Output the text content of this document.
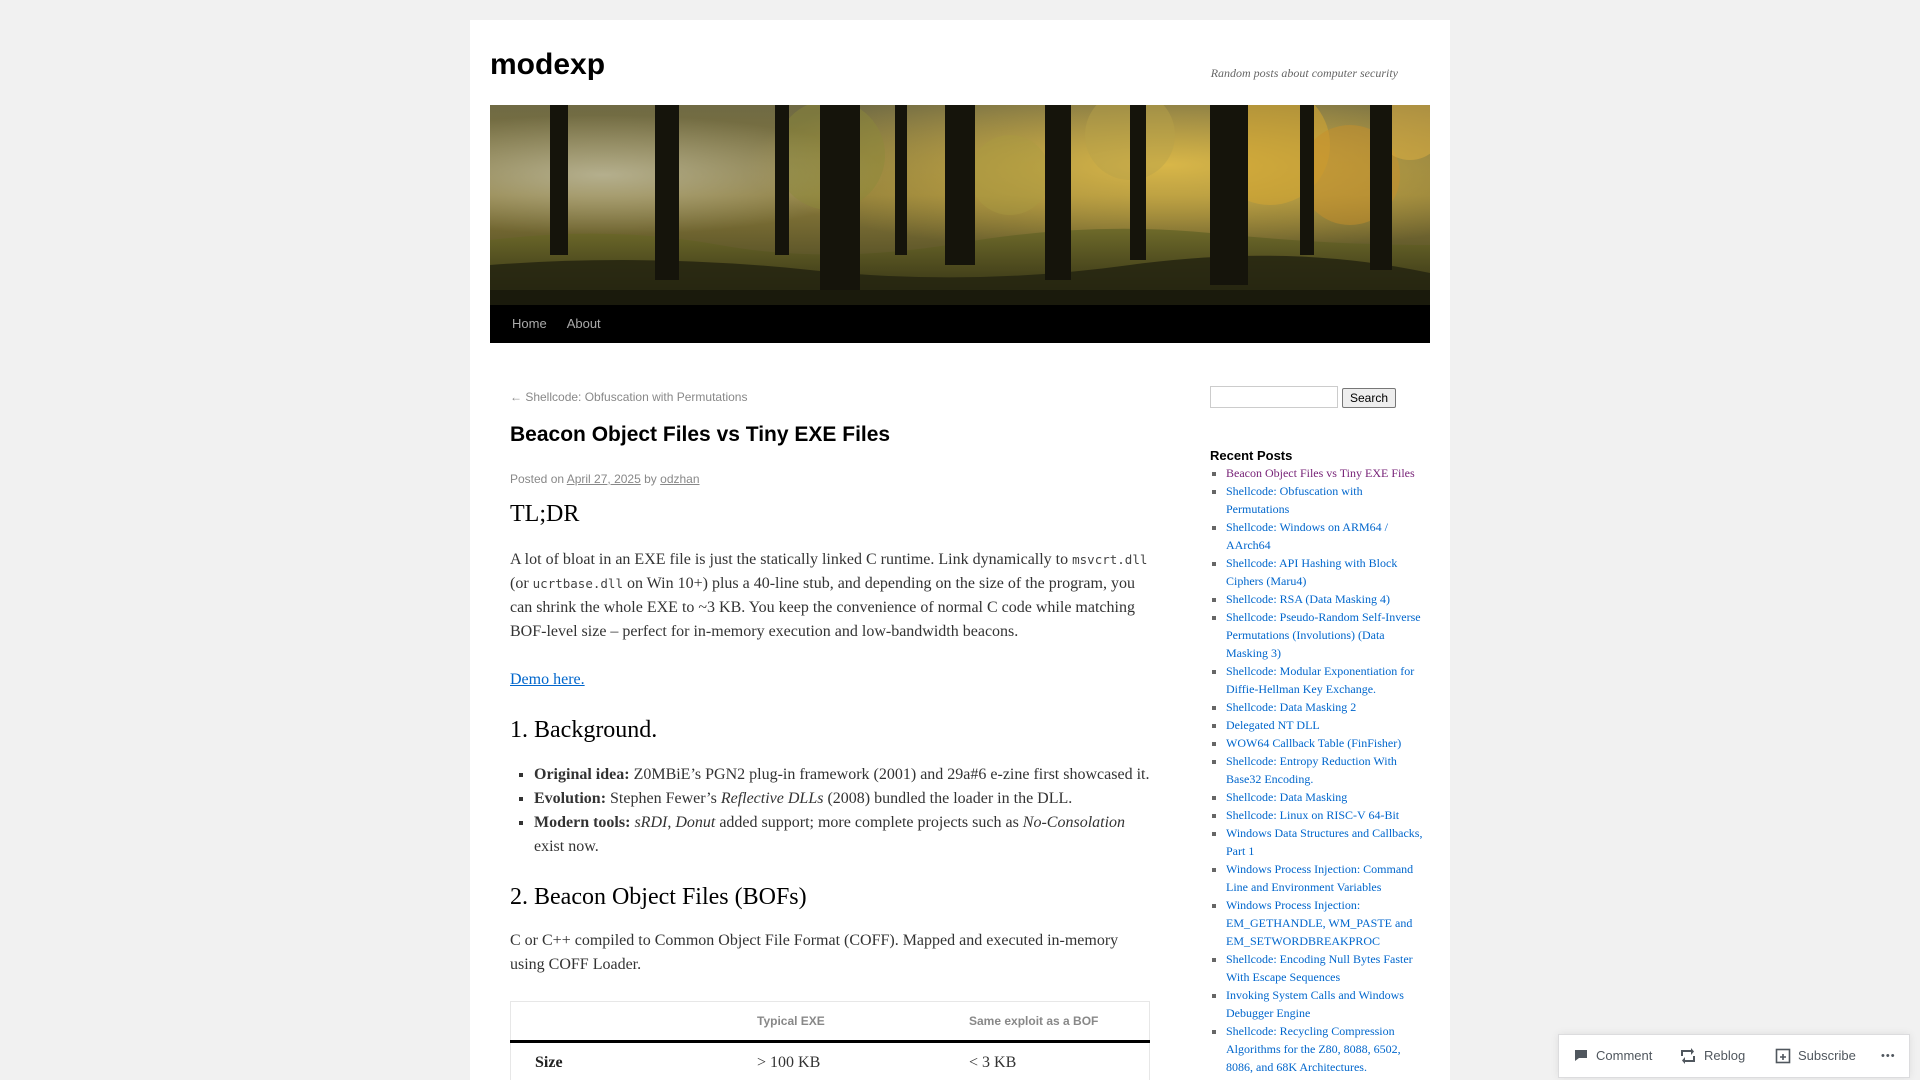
modexp	Random posts about computer security
Home	About
← Shellcode: Obfuscation with Permutations
Beacon Object Files vs Tiny EXE Files
Posted on April 27, 2025 by odzhan
TL;DR

A lot of bloat in an EXE file is just the statically linked C runtime. Link dynamically to msvcrt.dll (or ucrtbase.dll on Win 10+) plus a 40-line stub, and depending on the size of the program, you can shrink the whole EXE to ~3 KB. You keep the convenience of normal C code while matching BOF-level size – perfect for in-memory execution and low-bandwidth beacons.

Demo here.

1. Background.
▪ Original idea: Z0MBiE’s PGN2 plug-in framework (2001) and 29a#6 e-zine first showcased it.
▪ Evolution: Stephen Fewer’s Reflective DLLs (2008) bundled the loader in the DLL.
▪ Modern tools: sRDI, Donut added support; more complete projects such as No-Consolation exist now.
2. Beacon Object Files (BOFs)

C or C++ compiled to Common Object File Format (COFF). Mapped and executed in-memory using COFF Loader.

	Typical EXE	Same exploit as a BOF
Size	> 100 KB	< 3 KB
Search
Recent Posts
▪ Beacon Object Files vs Tiny EXE Files
▪ Shellcode: Obfuscation with Permutations
▪ Shellcode: Windows on ARM64 / AArch64
▪ Shellcode: API Hashing with Block Ciphers (Maru4)
▪ Shellcode: RSA (Data Masking 4)
▪ Shellcode: Pseudo-Random Self-Inverse Permutations (Involutions) (Data Masking 3)
▪ Shellcode: Modular Exponentiation for Diffie-Hellman Key Exchange.
▪ Shellcode: Data Masking 2
▪ Delegated NT DLL
▪ WOW64 Callback Table (FinFisher)
▪ Shellcode: Entropy Reduction With Base32 Encoding.
▪ Shellcode: Data Masking
▪ Shellcode: Linux on RISC-V 64-Bit
▪ Windows Data Structures and Callbacks, Part 1
▪ Windows Process Injection: Command Line and Environment Variables
▪ Windows Process Injection: EM_GETHANDLE, WM_PASTE and EM_SETWORDBREAKPROC
▪ Shellcode: Encoding Null Bytes Faster With Escape Sequences
▪ Invoking System Calls and Windows Debugger Engine
▪ Shellcode: Recycling Compression Algorithms for the Z80, 8088, 6502, 8086, and 68K Architectures.
Comment	Reblog	Subscribe •••
